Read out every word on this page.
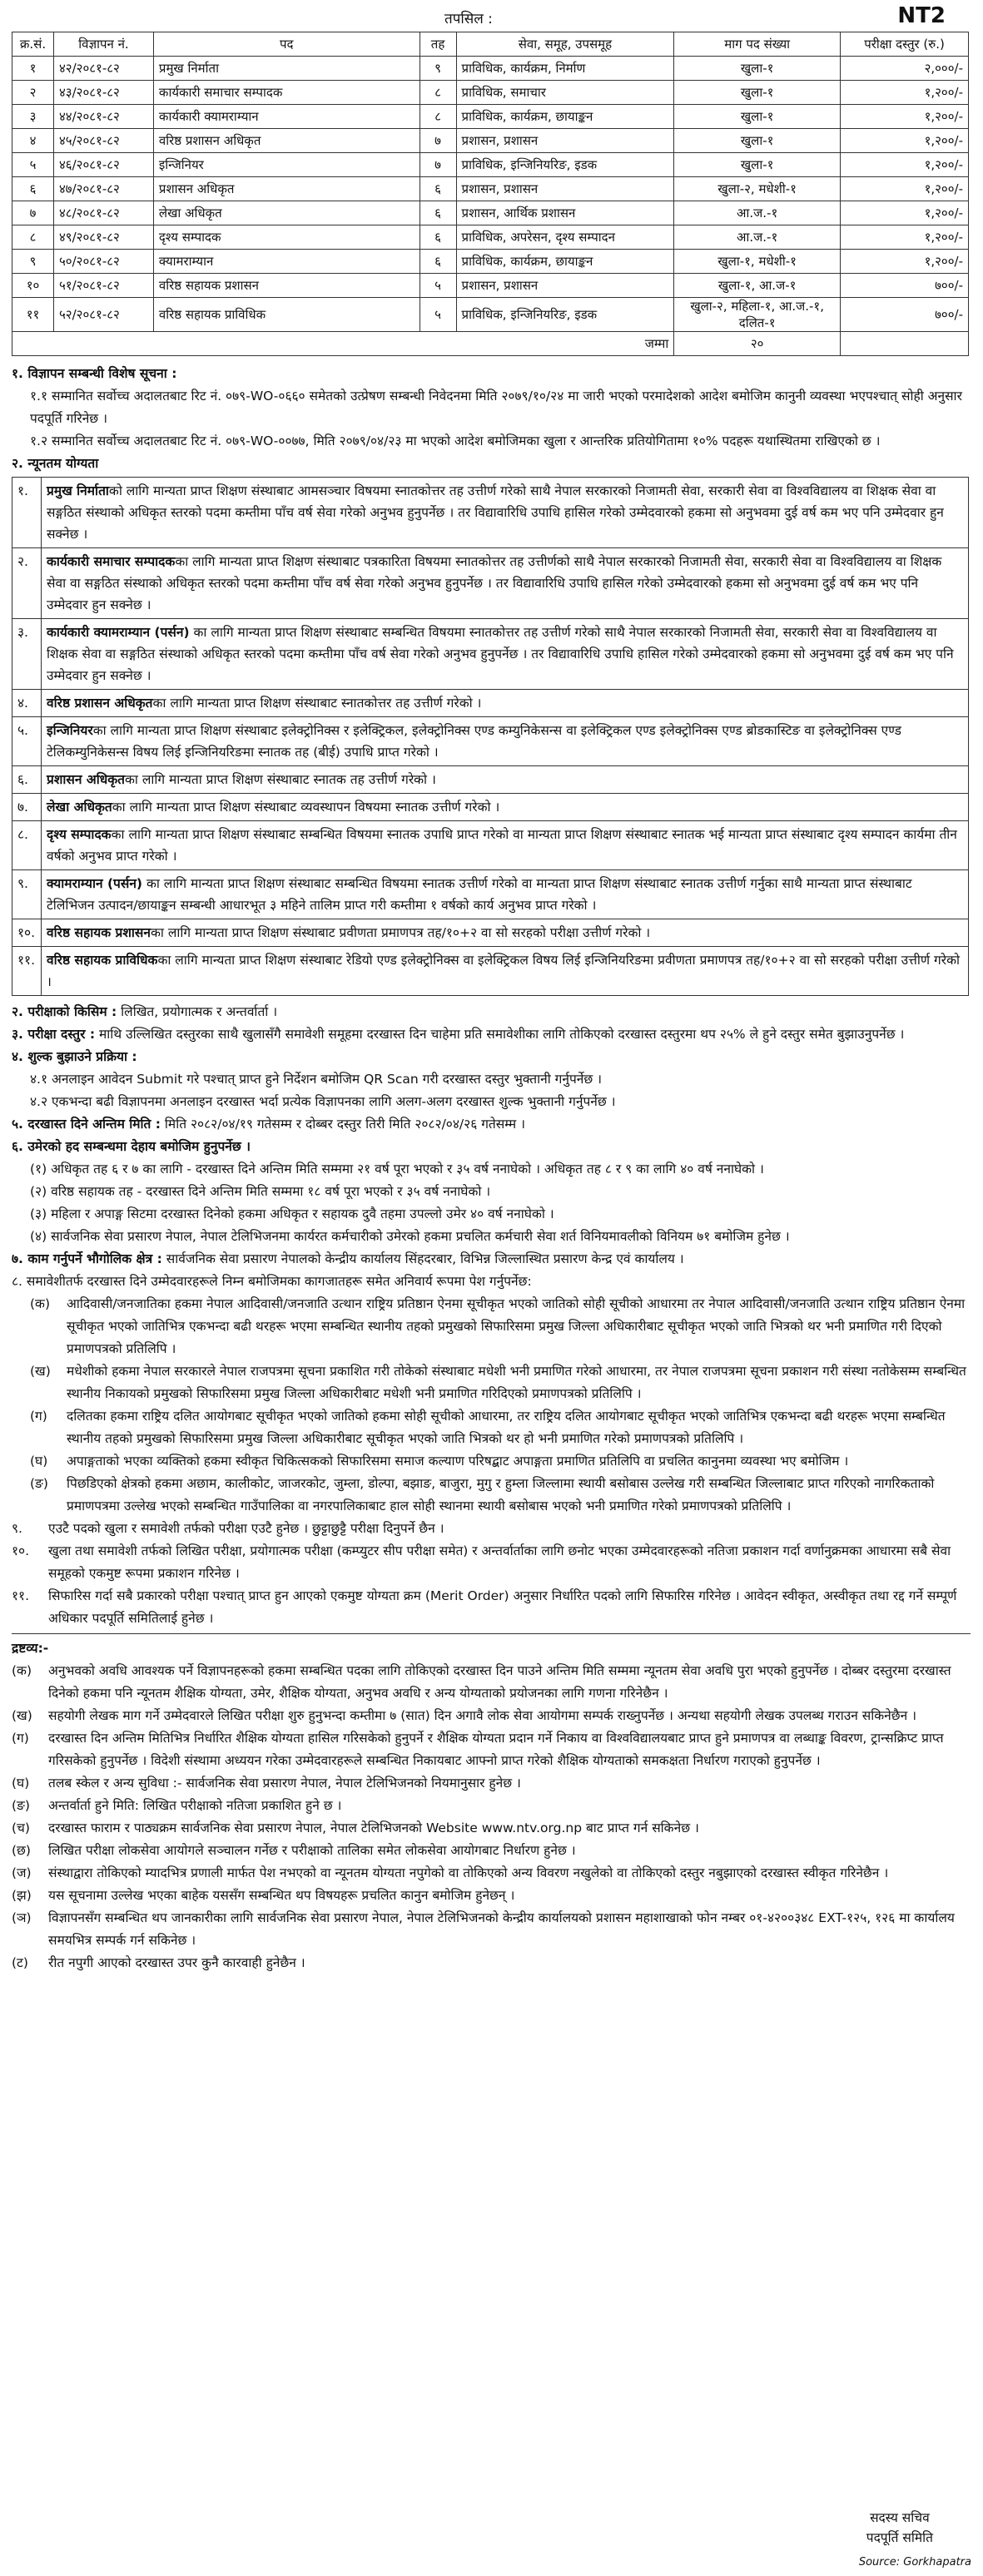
तपसिल :	NT2
क्र.सं.	विज्ञापन नं.	पद	तह	सेवा, समूह, उपसमूह	माग पद संख्या	परीक्षा दस्तुर (रु.)
१	४२/२०८१-८२	प्रमुख निर्माता	९	प्राविधिक, कार्यक्रम, निर्माण	खुला-१	२,०००/-
२	४३/२०८१-८२	कार्यकारी समाचार सम्पादक	८	प्राविधिक, समाचार	खुला-१	१,२००/-
३	४४/२०८१-८२	कार्यकारी क्यामराम्यान	८	प्राविधिक, कार्यक्रम, छायाङ्कन	खुला-१	१,२००/-
४	४५/२०८१-८२	वरिष्ठ प्रशासन अधिकृत	७	प्रशासन, प्रशासन	खुला-१	१,२००/-
५	४६/२०८१-८२	इन्जिनियर	७	प्राविधिक, इन्जिनियरिङ, इडक	खुला-१	१,२००/-
६	४७/२०८१-८२	प्रशासन अधिकृत	६	प्रशासन, प्रशासन	खुला-२, मधेशी-१	१,२००/-
७	४८/२०८१-८२	लेखा अधिकृत	६	प्रशासन, आर्थिक प्रशासन	आ.ज.-१	१,२००/-
८	४९/२०८१-८२	दृश्य सम्पादक	६	प्राविधिक, अपरेसन, दृश्य सम्पादन	आ.ज.-१	१,२००/-
९	५०/२०८१-८२	क्यामराम्यान	६	प्राविधिक, कार्यक्रम, छायाङ्कन	खुला-१, मधेशी-१	१,२००/-
१०	५१/२०८१-८२	वरिष्ठ सहायक प्रशासन	५	प्रशासन, प्रशासन	खुला-१, आ.ज-१	७००/-
११	५२/२०८१-८२	वरिष्ठ सहायक प्राविधिक	५	प्राविधिक, इन्जिनियरिङ, इडक	खुला-२, महिला-१, आ.ज.-१, दलित-१	७००/-
जम्मा					२०	

१. विज्ञापन सम्बन्धी विशेष सूचना :

१.१ सम्मानित सर्वोच्च अदालतबाट रिट नं. ०७९-WO-०६६० समेतको उत्प्रेषण सम्बन्धी निवेदनमा मिति २०७९/१०/२४ मा जारी भएको परमादेशको आदेश बमोजिम कानुनी व्यवस्था भएपश्चात् सोही अनुसार पदपूर्ति गरिनेछ ।

१.२ सम्मानित सर्वोच्च अदालतबाट रिट नं. ०७९-WO-००७७, मिति २०७९/०४/२३ मा भएको आदेश बमोजिमका खुला र आन्तरिक प्रतियोगितामा १०% पदहरू यथास्थितमा राखिएको छ ।

२. न्यूनतम योग्यता

१.	प्रमुख निर्माताको लागि मान्यता प्राप्त शिक्षण संस्थाबाट आमसञ्चार विषयमा स्नातकोत्तर तह उत्तीर्ण गरेको साथै नेपाल सरकारको निजामती सेवा, सरकारी सेवा वा विश्वविद्यालय वा शिक्षक सेवा वा सङ्गठित संस्थाको अधिकृत स्तरको पदमा कम्तीमा पाँच वर्ष सेवा गरेको अनुभव हुनुपर्नेछ । तर विद्यावारिधि उपाधि हासिल गरेको उम्मेदवारको हकमा सो अनुभवमा दुई वर्ष कम भए पनि उम्मेदवार हुन सक्नेछ ।
२.	कार्यकारी समाचार सम्पादकका लागि मान्यता प्राप्त शिक्षण संस्थाबाट पत्रकारिता विषयमा स्नातकोत्तर तह उत्तीर्णको साथै नेपाल सरकारको निजामती सेवा, सरकारी सेवा वा विश्वविद्यालय वा शिक्षक सेवा वा सङ्गठित संस्थाको अधिकृत स्तरको पदमा कम्तीमा पाँच वर्ष सेवा गरेको अनुभव हुनुपर्नेछ । तर विद्यावारिधि उपाधि हासिल गरेको उम्मेदवारको हकमा सो अनुभवमा दुई वर्ष कम भए पनि उम्मेदवार हुन सक्नेछ ।
३.	कार्यकारी क्यामराम्यान (पर्सन) का लागि मान्यता प्राप्त शिक्षण संस्थाबाट सम्बन्धित विषयमा स्नातकोत्तर तह उत्तीर्ण गरेको साथै नेपाल सरकारको निजामती सेवा, सरकारी सेवा वा विश्वविद्यालय वा शिक्षक सेवा वा सङ्गठित संस्थाको अधिकृत स्तरको पदमा कम्तीमा पाँच वर्ष सेवा गरेको अनुभव हुनुपर्नेछ । तर विद्यावारिधि उपाधि हासिल गरेको उम्मेदवारको हकमा सो अनुभवमा दुई वर्ष कम भए पनि उम्मेदवार हुन सक्नेछ ।
४.	वरिष्ठ प्रशासन अधिकृतका लागि मान्यता प्राप्त शिक्षण संस्थाबाट स्नातकोत्तर तह उत्तीर्ण गरेको ।
५.	इन्जिनियरका लागि मान्यता प्राप्त शिक्षण संस्थाबाट इलेक्ट्रोनिक्स र इलेक्ट्रिकल, इलेक्ट्रोनिक्स एण्ड कम्युनिकेसन्स वा इलेक्ट्रिकल एण्ड इलेक्ट्रोनिक्स एण्ड ब्रोडकास्टिङ वा इलेक्ट्रोनिक्स एण्ड टेलिकम्युनिकेसन्स विषय लिई इन्जिनियरिङमा स्नातक तह (बीई) उपाधि प्राप्त गरेको ।
६.	प्रशासन अधिकृतका लागि मान्यता प्राप्त शिक्षण संस्थाबाट स्नातक तह उत्तीर्ण गरेको ।
७.	लेखा अधिकृतका लागि मान्यता प्राप्त शिक्षण संस्थाबाट व्यवस्थापन विषयमा स्नातक उत्तीर्ण गरेको ।
८.	दृश्य सम्पादकका लागि मान्यता प्राप्त शिक्षण संस्थाबाट सम्बन्धित विषयमा स्नातक उपाधि प्राप्त गरेको वा मान्यता प्राप्त शिक्षण संस्थाबाट स्नातक भई मान्यता प्राप्त संस्थाबाट दृश्य सम्पादन कार्यमा तीन वर्षको अनुभव प्राप्त गरेको ।
९.	क्यामराम्यान (पर्सन) का लागि मान्यता प्राप्त शिक्षण संस्थाबाट सम्बन्धित विषयमा स्नातक उत्तीर्ण गरेको वा मान्यता प्राप्त शिक्षण संस्थाबाट स्नातक उत्तीर्ण गर्नुका साथै मान्यता प्राप्त संस्थाबाट टेलिभिजन उत्पादन/छायाङ्कन सम्बन्धी आधारभूत ३ महिने तालिम प्राप्त गरी कम्तीमा १ वर्षको कार्य अनुभव प्राप्त गरेको ।
१०.	वरिष्ठ सहायक प्रशासनका लागि मान्यता प्राप्त शिक्षण संस्थाबाट प्रवीणता प्रमाणपत्र तह/१०+२ वा सो सरहको परीक्षा उत्तीर्ण गरेको ।
११.	वरिष्ठ सहायक प्राविधिकका लागि मान्यता प्राप्त शिक्षण संस्थाबाट रेडियो एण्ड इलेक्ट्रोनिक्स वा इलेक्ट्रिकल विषय लिई इन्जिनियरिङमा प्रवीणता प्रमाणपत्र तह/१०+२ वा सो सरहको परीक्षा उत्तीर्ण गरेको ।

२. परीक्षाको किसिम : लिखित, प्रयोगात्मक र अन्तर्वार्ता ।

३. परीक्षा दस्तुर : माथि उल्लिखित दस्तुरका साथै खुलासँगै समावेशी समूहमा दरखास्त दिन चाहेमा प्रति समावेशीका लागि तोकिएको दरखास्त दस्तुरमा थप २५% ले हुने दस्तुर समेत बुझाउनुपर्नेछ ।

४. शुल्क बुझाउने प्रक्रिया :

४.१ अनलाइन आवेदन Submit गरे पश्चात् प्राप्त हुने निर्देशन बमोजिम QR Scan गरी दरखास्त दस्तुर भुक्तानी गर्नुपर्नेछ ।

४.२ एकभन्दा बढी विज्ञापनमा अनलाइन दरखास्त भर्दा प्रत्येक विज्ञापनका लागि अलग-अलग दरखास्त शुल्क भुक्तानी गर्नुपर्नेछ ।

५. दरखास्त दिने अन्तिम मिति : मिति २०८२/०४/१९ गतेसम्म र दोब्बर दस्तुर तिरी मिति २०८२/०४/२६ गतेसम्म ।

६. उमेरको हद सम्बन्धमा देहाय बमोजिम हुनुपर्नेछ ।

(१) अधिकृत तह ६ र ७ का लागि - दरखास्त दिने अन्तिम मिति सम्ममा २१ वर्ष पूरा भएको र ३५ वर्ष ननाघेको । अधिकृत तह ८ र ९ का लागि ४० वर्ष ननाघेको ।

(२) वरिष्ठ सहायक तह - दरखास्त दिने अन्तिम मिति सम्ममा १८ वर्ष पूरा भएको र ३५ वर्ष ननाघेको ।

(३) महिला र अपाङ्ग सिटमा दरखास्त दिनेको हकमा अधिकृत र सहायक दुवै तहमा उपल्लो उमेर ४० वर्ष ननाघेको ।

(४) सार्वजनिक सेवा प्रसारण नेपाल, नेपाल टेलिभिजनमा कार्यरत कर्मचारीको उमेरको हकमा प्रचलित कर्मचारी सेवा शर्त विनियमावलीको विनियम ७१ बमोजिम हुनेछ ।

७. काम गर्नुपर्ने भौगोलिक क्षेत्र : सार्वजनिक सेवा प्रसारण नेपालको केन्द्रीय कार्यालय सिंहदरबार, विभिन्न जिल्लास्थित प्रसारण केन्द्र एवं कार्यालय ।

८. समावेशीतर्फ दरखास्त दिने उम्मेदवारहरूले निम्न बमोजिमका कागजातहरू समेत अनिवार्य रूपमा पेश गर्नुपर्नेछ:

(क)	आदिवासी/जनजातिका हकमा नेपाल आदिवासी/जनजाति उत्थान राष्ट्रिय प्रतिष्ठान ऐनमा सूचीकृत भएको जातिको सोही सूचीको आधारमा तर नेपाल आदिवासी/जनजाति उत्थान राष्ट्रिय प्रतिष्ठान ऐनमा सूचीकृत भएको जातिभित्र एकभन्दा बढी थरहरू भएमा सम्बन्धित स्थानीय तहको प्रमुखको सिफारिसमा प्रमुख जिल्ला अधिकारीबाट सूचीकृत भएको जाति भित्रको थर भनी प्रमाणित गरी दिएको प्रमाणपत्रको प्रतिलिपि ।
(ख)	मधेशीको हकमा नेपाल सरकारले नेपाल राजपत्रमा सूचना प्रकाशित गरी तोकेको संस्थाबाट मधेशी भनी प्रमाणित गरेको आधारमा, तर नेपाल राजपत्रमा सूचना प्रकाशन गरी संस्था नतोकेसम्म सम्बन्धित स्थानीय निकायको प्रमुखको सिफारिसमा प्रमुख जिल्ला अधिकारीबाट मधेशी भनी प्रमाणित गरिदिएको प्रमाणपत्रको प्रतिलिपि ।
(ग)	दलितका हकमा राष्ट्रिय दलित आयोगबाट सूचीकृत भएको जातिको हकमा सोही सूचीको आधारमा, तर राष्ट्रिय दलित आयोगबाट सूचीकृत भएको जातिभित्र एकभन्दा बढी थरहरू भएमा सम्बन्धित स्थानीय तहको प्रमुखको सिफारिसमा प्रमुख जिल्ला अधिकारीबाट सूचीकृत भएको जाति भित्रको थर हो भनी प्रमाणित गरेको प्रमाणपत्रको प्रतिलिपि ।
(घ)	अपाङ्गताको भएका व्यक्तिको हकमा स्वीकृत चिकित्सकको सिफारिसमा समाज कल्याण परिषद्बाट अपाङ्गता प्रमाणित प्रतिलिपि वा प्रचलित कानुनमा व्यवस्था भए बमोजिम ।
(ङ)	पिछडिएको क्षेत्रको हकमा अछाम, कालीकोट, जाजरकोट, जुम्ला, डोल्पा, बझाङ, बाजुरा, मुगु र हुम्ला जिल्लामा स्थायी बसोबास उल्लेख गरी सम्बन्धित जिल्लाबाट प्राप्त गरिएको नागरिकताको प्रमाणपत्रमा उल्लेख भएको सम्बन्धित गाउँपालिका वा नगरपालिकाबाट हाल सोही स्थानमा स्थायी बसोबास भएको भनी प्रमाणित गरेको प्रमाणपत्रको प्रतिलिपि ।
९.	एउटै पदको खुला र समावेशी तर्फको परीक्षा एउटै हुनेछ । छुट्टाछुट्टै परीक्षा दिनुपर्ने छैन ।
१०.	खुला तथा समावेशी तर्फको लिखित परीक्षा, प्रयोगात्मक परीक्षा (कम्प्युटर सीप परीक्षा समेत) र अन्तर्वार्ताका लागि छनोट भएका उम्मेदवारहरूको नतिजा प्रकाशन गर्दा वर्णानुक्रमका आधारमा सबै सेवा समूहको एकमुष्ट रूपमा प्रकाशन गरिनेछ ।
११.	सिफारिस गर्दा सबै प्रकारको परीक्षा पश्चात् प्राप्त हुन आएको एकमुष्ट योग्यता क्रम (Merit Order) अनुसार निर्धारित पदको लागि सिफारिस गरिनेछ । आवेदन स्वीकृत, अस्वीकृत तथा रद्द गर्ने सम्पूर्ण अधिकार पदपूर्ति समितिलाई हुनेछ ।

द्रष्टव्य:-

(क)	अनुभवको अवधि आवश्यक पर्ने विज्ञापनहरूको हकमा सम्बन्धित पदका लागि तोकिएको दरखास्त दिन पाउने अन्तिम मिति सम्ममा न्यूनतम सेवा अवधि पुरा भएको हुनुपर्नेछ । दोब्बर दस्तुरमा दरखास्त दिनेको हकमा पनि न्यूनतम शैक्षिक योग्यता, उमेर, शैक्षिक योग्यता, अनुभव अवधि र अन्य योग्यताको प्रयोजनका लागि गणना गरिनेछैन ।
(ख)	सहयोगी लेखक माग गर्ने उम्मेदवारले लिखित परीक्षा शुरु हुनुभन्दा कम्तीमा ७ (सात) दिन अगावै लोक सेवा आयोगमा सम्पर्क राख्नुपर्नेछ । अन्यथा सहयोगी लेखक उपलब्ध गराउन सकिनेछैन ।
(ग)	दरखास्त दिन अन्तिम मितिभित्र निर्धारित शैक्षिक योग्यता हासिल गरिसकेको हुनुपर्ने र शैक्षिक योग्यता प्रदान गर्ने निकाय वा विश्वविद्यालयबाट प्राप्त हुने प्रमाणपत्र वा लब्धाङ्क विवरण, ट्रान्सक्रिप्ट प्राप्त गरिसकेको हुनुपर्नेछ । विदेशी संस्थामा अध्ययन गरेका उम्मेदवारहरूले सम्बन्धित निकायबाट आफ्नो प्राप्त गरेको शैक्षिक योग्यताको समकक्षता निर्धारण गराएको हुनुपर्नेछ ।
(घ)	तलब स्केल र अन्य सुविधा :- सार्वजनिक सेवा प्रसारण नेपाल, नेपाल टेलिभिजनको नियमानुसार हुनेछ ।
(ङ)	अन्तर्वार्ता हुने मिति: लिखित परीक्षाको नतिजा प्रकाशित हुने छ ।
(च)	दरखास्त फाराम र पाठ्यक्रम सार्वजनिक सेवा प्रसारण नेपाल, नेपाल टेलिभिजनको Website www.ntv.org.np बाट प्राप्त गर्न सकिनेछ ।
(छ)	लिखित परीक्षा लोकसेवा आयोगले सञ्चालन गर्नेछ र परीक्षाको तालिका समेत लोकसेवा आयोगबाट निर्धारण हुनेछ ।
(ज)	संस्थाद्वारा तोकिएको म्यादभित्र प्रणाली मार्फत पेश नभएको वा न्यूनतम योग्यता नपुगेको वा तोकिएको अन्य विवरण नखुलेको वा तोकिएको दस्तुर नबुझाएको दरखास्त स्वीकृत गरिनेछैन ।
(झ)	यस सूचनामा उल्लेख भएका बाहेक यससँग सम्बन्धित थप विषयहरू प्रचलित कानुन बमोजिम हुनेछन् ।
(ञ)	विज्ञापनसँग सम्बन्धित थप जानकारीका लागि सार्वजनिक सेवा प्रसारण नेपाल, नेपाल टेलिभिजनको केन्द्रीय कार्यालयको प्रशासन महाशाखाको फोन नम्बर ०१-४२००३४८ EXT-१२५, १२६ मा कार्यालय समयभित्र सम्पर्क गर्न सकिनेछ ।
(ट)	रीत नपुगी आएको दरखास्त उपर कुनै कारवाही हुनेछैन ।
सदस्य सचिव
पदपूर्ति समिति
Source: Gorkhapatra
